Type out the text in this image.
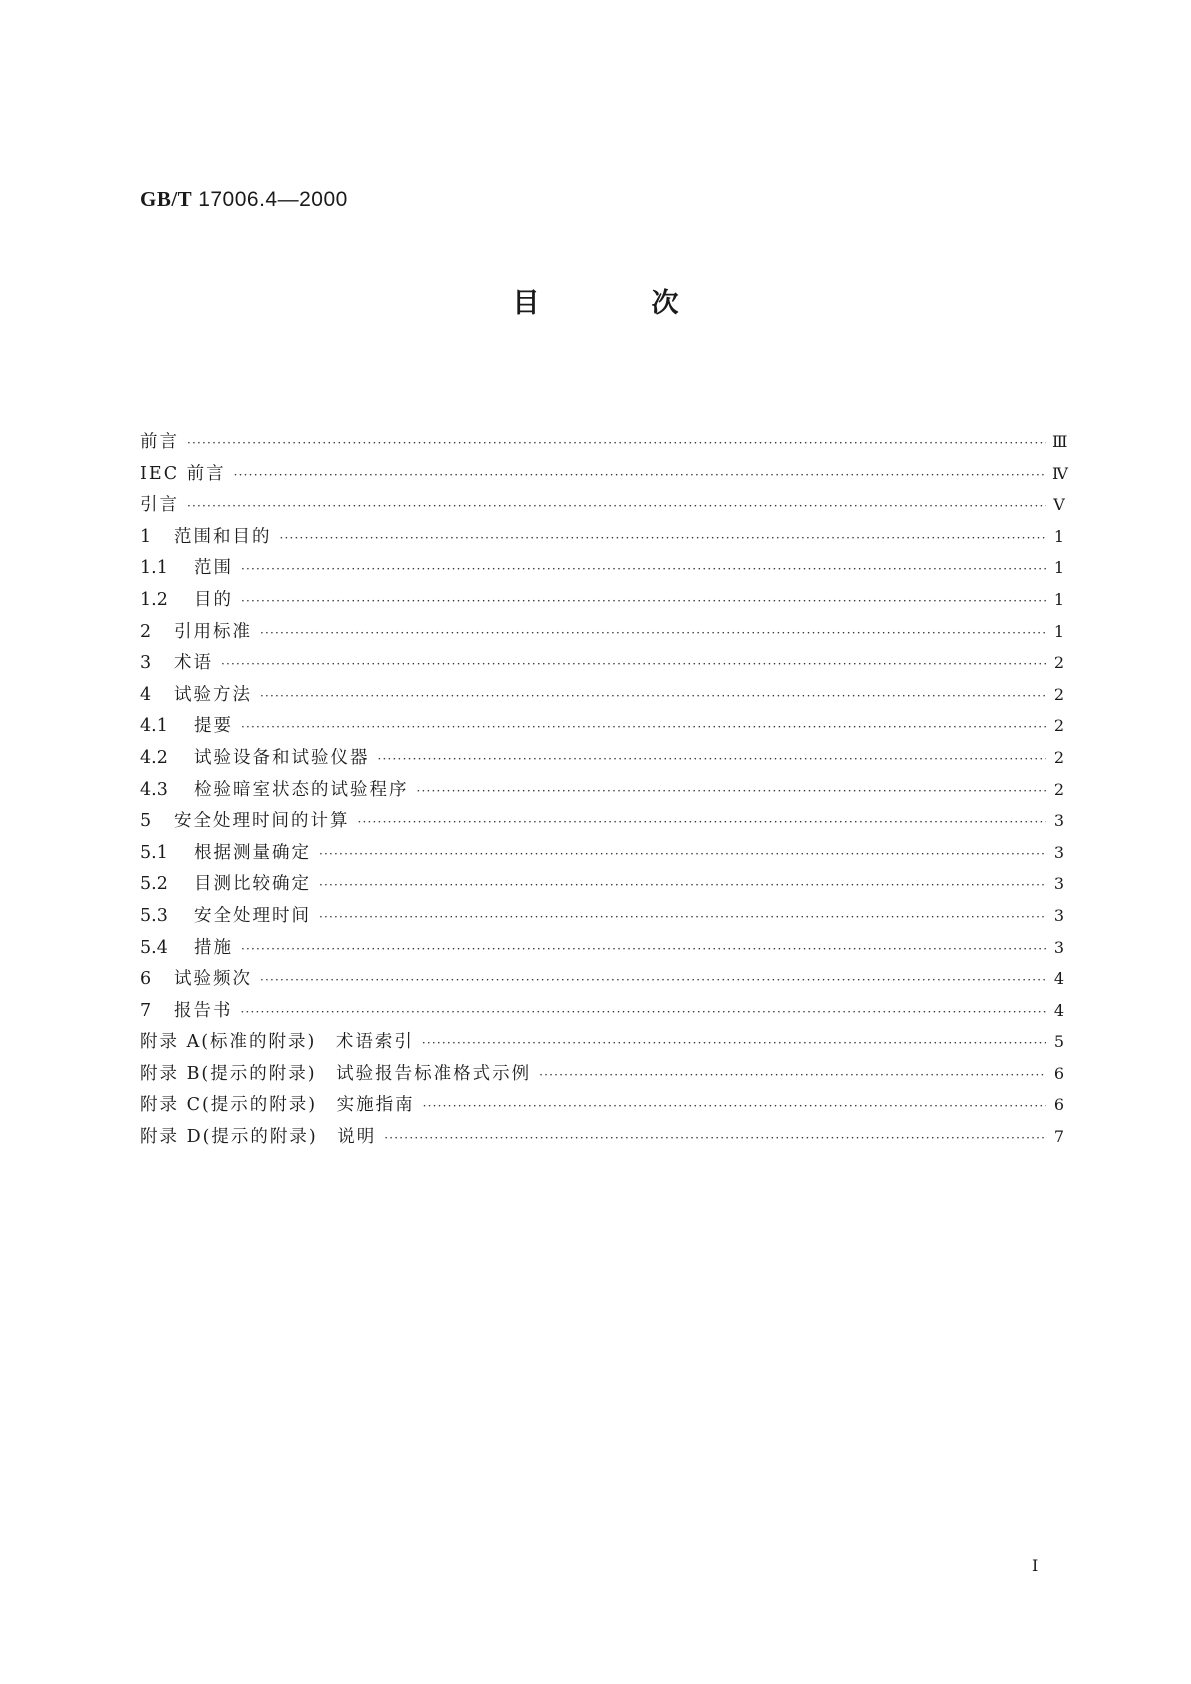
GB/T 17006.4—2000
目	次
前言 ·····	Ⅲ
IEC 前言 ·····	Ⅳ
引言 ·····	Ⅴ
1	范围和目的 ·····	1
1.1	范围 ·····	1
1.2	目的 ·····	1
2	引用标准 ·····	1
3	术语 ·····	2
4	试验方法 ·····	2
4.1	提要 ·····	2
4.2	试验设备和试验仪器 ·····	2
4.3	检验暗室状态的试验程序 ·····	2
5	安全处理时间的计算 ·····	3
5.1	根据测量确定 ·····	3
5.2	目测比较确定 ·····	3
5.3	安全处理时间 ·····	3
5.4	措施 ·····	3
6	试验频次 ·····	4
7	报告书 ·····	4
附录 A(标准的附录)　术语索引 ·····	5
附录 B(提示的附录)　试验报告标准格式示例 ·····	6
附录 C(提示的附录)　实施指南 ·····	6
附录 D(提示的附录)　说明 ·····	7
Ⅰ
